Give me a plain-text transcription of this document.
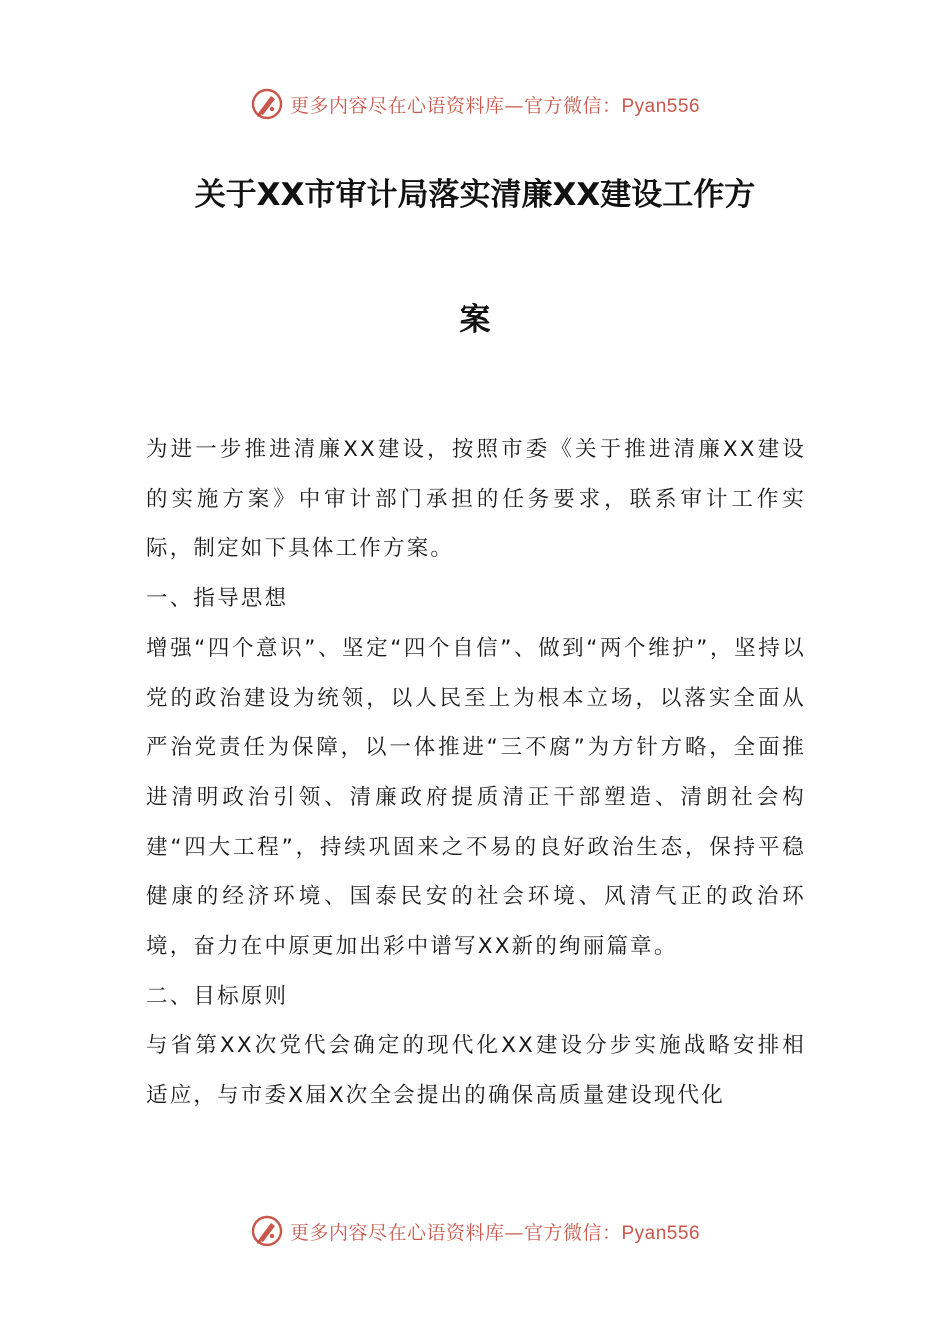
更多内容尽在心语资料库—官方微信：Pyan556
关于XX市审计局落实清廉XX建设工作方
案

为进一步推进清廉XX建设，按照市委《关于推进清廉XX建设的实施方案》中审计部门承担的任务要求，联系审计工作实际，制定如下具体工作方案。

一、指导思想

增强“四个意识”、坚定“四个自信”、做到“两个维护”，坚持以党的政治建设为统领，以人民至上为根本立场，以落实全面从严治党责任为保障，以一体推进“三不腐”为方针方略，全面推进清明政治引领、清廉政府提质清正干部塑造、清朗社会构建“四大工程”，持续巩固来之不易的良好政治生态，保持平稳健康的经济环境、国泰民安的社会环境、风清气正的政治环境，奋力在中原更加出彩中谱写XX新的绚丽篇章。

二、目标原则

与省第XX次党代会确定的现代化XX建设分步实施战略安排相适应，与市委X届X次全会提出的确保高质量建设现代化

更多内容尽在心语资料库—官方微信：Pyan556
